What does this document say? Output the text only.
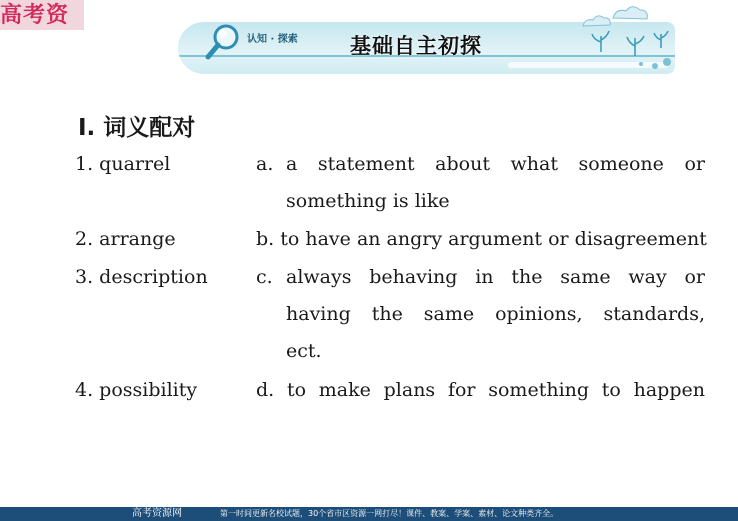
高考资
认知 · 探索 基础自主初探
Ⅰ. 词义配对
1. quarrel	a. a statement about what someone or
something is like
2. arrange	b. to have an angry argument or disagreement
3. description	c. always behaving in the same way or
having the same opinions, standards,
ect.
4. possibility	d. to make plans for something to happen
高考资源网	第一时间更新名校试题，30个省市区资源一网打尽！课件、教案、学案、素材、论文种类齐全。
